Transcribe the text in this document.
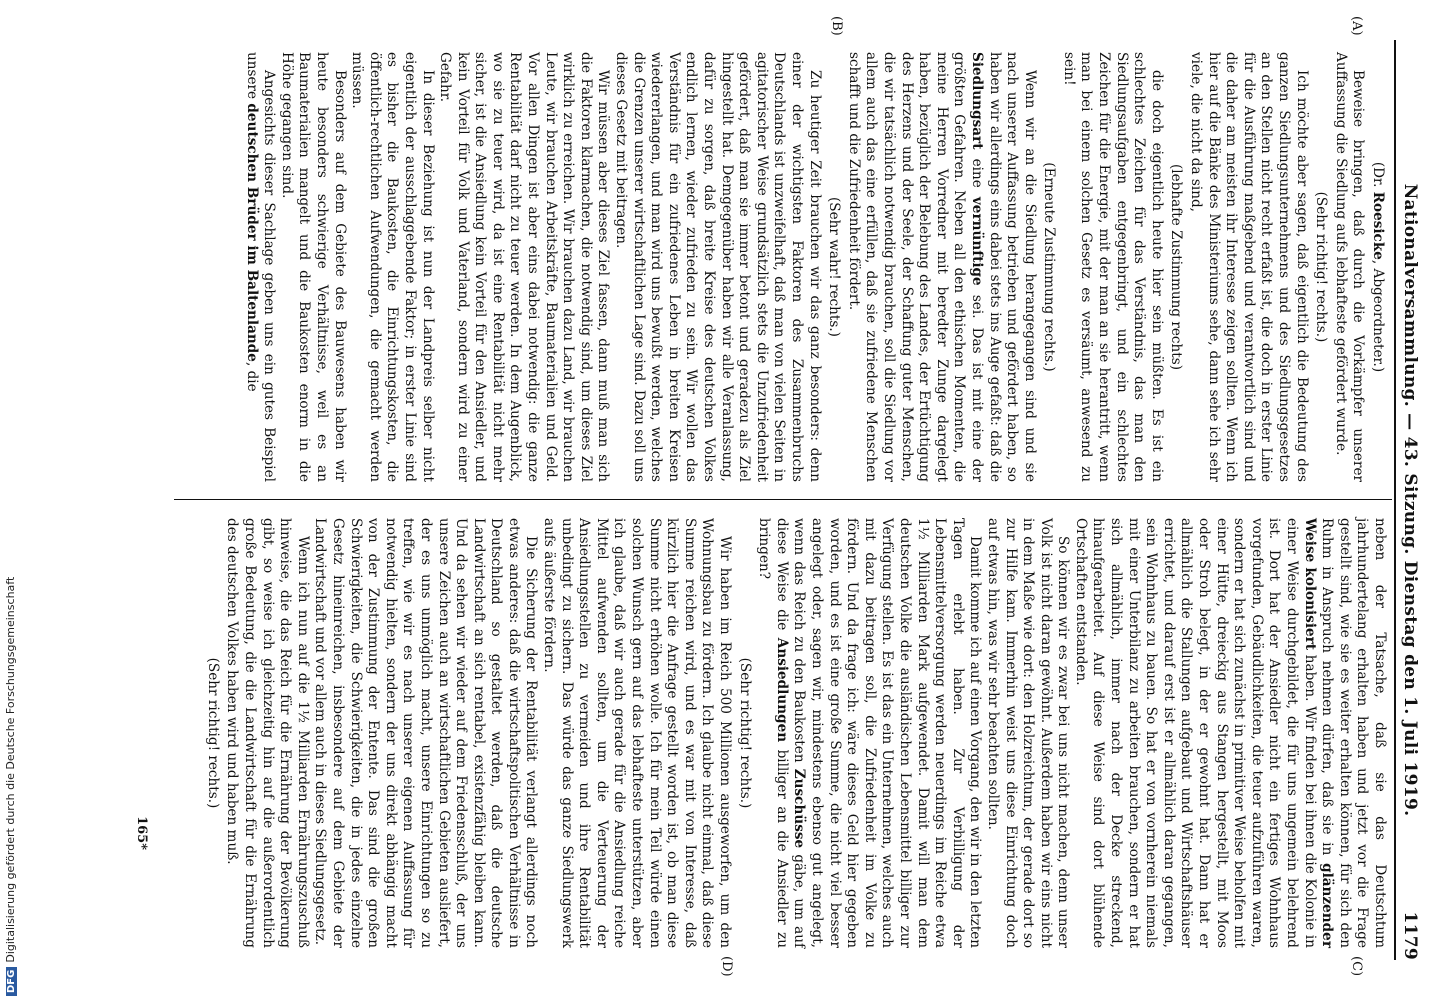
DFGDigitalisierung gefördert durch die Deutsche Forschungsgemeinschaft	Nationalversammlung. — 43. Sitzung. Dienstag den 1. Juli 1919.
1179
(A)
(B)
(C)
(D)

(Dr. Roesicke, Abgeordneter.)

Beweise bringen, daß durch die Vorkämpfer unserer Auffassung die Siedlung aufs lebhafteste gefördert wurde.

(Sehr richtig! rechts.)

Ich möchte aber sagen, daß eigentlich die Bedeutung des ganzen Siedlungsunternehmens und des Siedlungsgesetzes an den Stellen nicht recht erfaßt ist, die doch in erster Linie für die Ausführung maßgebend und verantwortlich sind und die daher am meisten ihr Interesse zeigen sollten. Wenn ich hier auf die Bänke des Ministeriums sehe, dann sehe ich sehr viele, die nicht da sind,

(lebhafte Zustimmung rechts)

die doch eigentlich heute hier sein müßten. Es ist ein schlechtes Zeichen für das Verständnis, das man den Siedlungsaufgaben entgegenbringt, und ein schlechtes Zeichen für die Energie, mit der man an sie herantritt, wenn man bei einem solchen Gesetz es versäumt, anwesend zu sein!

(Erneute Zustimmung rechts.)

Wenn wir an die Siedlung herangegangen sind und sie nach unserer Auffassung betrieben und gefördert haben, so haben wir allerdings eins dabei stets ins Auge gefaßt: daß die Siedlungsart eine vernünftige sei. Das ist mit eine der größten Gefahren. Neben all den ethischen Momenten, die meine Herren Vorredner mit beredter Zunge dargelegt haben, bezüglich der Belebung des Landes, der Ertüchtigung des Herzens und der Seele, der Schaffung guter Menschen, die wir tatsächlich notwendig brauchen, soll die Siedlung vor allem auch das eine erfüllen, daß sie zufriedene Menschen schafft und die Zufriedenheit fördert.

(Sehr wahr! rechts.)

Zu heutiger Zeit brauchen wir das ganz besonders: denn einer der wichtigsten Faktoren des Zusammenbruchs Deutschlands ist unzweifelhaft, daß man von vielen Seiten in agitatorischer Weise grundsätzlich stets die Unzufriedenheit gefördert, daß man sie immer betont und geradezu als Ziel hingestellt hat. Demgegenüber haben wir alle Veranlassung, dafür zu sorgen, daß breite Kreise des deutschen Volkes endlich lernen, wieder zufrieden zu sein. Wir wollen das Verständnis für ein zufriedenes Leben in breiten Kreisen wiedererlangen, und man wird uns bewußt werden, welches die Grenzen unserer wirtschaftlichen Lage sind. Dazu soll uns dieses Gesetz mit beitragen.

Wir müssen aber dieses Ziel fassen, dann muß man sich die Faktoren klarmachen, die notwendig sind, um dieses Ziel wirklich zu erreichen. Wir brauchen dazu Land, wir brauchen Leute, wir brauchen Arbeitskräfte, Baumaterialien und Geld. Vor allen Dingen ist aber eins dabei notwendig: die ganze Rentabilität darf nicht zu teuer werden. In dem Augenblick, wo sie zu teuer wird, da ist eine Rentabilität nicht mehr sicher, ist die Ansiedlung kein Vorteil für den Ansiedler, und kein Vorteil für Volk und Vaterland, sondern wird zu einer Gefahr.

In dieser Beziehung ist nun der Landpreis selber nicht eigentlich der ausschlaggebende Faktor; in erster Linie sind es bisher die Baukosten, die Einrichtungskosten, die öffentlich-rechtlichen Aufwendungen, die gemacht werden müssen.

Besonders auf dem Gebiete des Bauwesens haben wir heute besonders schwierige Verhältnisse, weil es an Baumaterialien mangelt und die Baukosten enorm in die Höhe gegangen sind.

Angesichts dieser Sachlage geben uns ein gutes Beispiel unsere deutschen Brüder im Baltenlande, die

neben der Tatsache, daß sie das Deutschtum jahrhundertelang erhalten haben und jetzt vor die Frage gestellt sind, wie sie es weiter erhalten können, für sich den Ruhm in Anspruch nehmen dürfen, daß sie in glänzender Weise kolonisiert haben. Wir finden bei ihnen die Kolonie in einer Weise durchgebildet, die für uns ungemein belehrend ist. Dort hat der Ansiedler nicht ein fertiges Wohnhaus vorgefunden, Gebäudlichkeiten, die teuer aufzuführen waren, sondern er hat sich zunächst in primitiver Weise beholfen mit einer Hütte, dreieckig aus Stangen hergestellt, mit Moos oder Stroh belegt, in der er gewohnt hat. Dann hat er allmählich die Stallungen aufgebaut und Wirtschaftshäuser errichtet, und darauf erst ist er allmählich daran gegangen, sein Wohnhaus zu bauen. So hat er von vornherein niemals mit einer Unterbilanz zu arbeiten brauchen, sondern er hat sich allmählich, immer nach der Decke streckend, hinaufgearbeitet. Auf diese Weise sind dort blühende Ortschaften entstanden.

So können wir es zwar bei uns nicht machen, denn unser Volk ist nicht daran gewöhnt. Außerdem haben wir eins nicht in dem Maße wie dort: den Holzreichtum, der gerade dort so zur Hilfe kam. Immerhin weist uns diese Einrichtung doch auf etwas hin, was wir sehr beachten sollten.

Damit komme ich auf einen Vorgang, den wir in den letzten Tagen erlebt haben. Zur Verbilligung der Lebensmittelversorgung werden neuerdings im Reiche etwa 1½ Milliarden Mark aufgewendet. Damit will man dem deutschen Volke die ausländischen Lebensmittel billiger zur Verfügung stellen. Es ist das ein Unternehmen, welches auch mit dazu beitragen soll, die Zufriedenheit im Volke zu fördern. Und da frage ich: wäre dieses Geld hier gegeben worden, und es ist eine große Summe, die nicht viel besser angelegt oder, sagen wir, mindestens ebenso gut angelegt, wenn das Reich zu den Baukosten Zuschüsse gäbe, um auf diese Weise die Ansiedlungen billiger an die Ansiedler zu bringen?

(Sehr richtig! rechts.)

Wir haben im Reich 500 Millionen ausgeworfen, um den Wohnungsbau zu fördern. Ich glaube nicht einmal, daß diese Summe reichen wird, und es war mit von Interesse, daß kürzlich hier die Anfrage gestellt worden ist, ob man diese Summe nicht erhöhen wolle. Ich für mein Teil würde einen solchen Wunsch gern auf das lebhafteste unterstützen, aber ich glaube, daß wir auch gerade für die Ansiedlung reiche Mittel aufwenden sollten, um die Verteuerung der Ansiedlungsstellen zu vermeiden und ihre Rentabilität unbedingt zu sichern. Das würde das ganze Siedlungswerk aufs äußerste fördern.

Die Sicherung der Rentabilität verlangt allerdings noch etwas anderes: daß die wirtschaftspolitischen Verhältnisse in Deutschland so gestaltet werden, daß die deutsche Landwirtschaft an sich rentabel, existenzfähig bleiben kann. Und da sehen wir wieder auf dem Friedensschluß, der uns unsere Zeichen auch an wirtschaftlichen Gebieten ausliefert, der es uns unmöglich macht, unsere Einrichtungen so zu treffen, wie wir es nach unserer eigenen Auffassung für notwendig hielten, sondern der uns direkt abhängig macht von der Zustimmung der Entente. Das sind die großen Schwierigkeiten, die Schwierigkeiten, die in jedes einzelne Gesetz hineinreichen, insbesondere auf dem Gebiete der Landwirtschaft und vor allem auch in dieses Siedlungsgesetz.

Wenn ich nun auf die 1½ Milliarden Ernährungszuschuß hinweise, die das Reich für die Ernährung der Bevölkerung gibt, so weise ich gleichzeitig hin auf die außerordentlich große Bedeutung, die die Landwirtschaft für die Ernährung des deutschen Volkes haben wird und haben muß.

(Sehr richtig! rechts.)

165*
